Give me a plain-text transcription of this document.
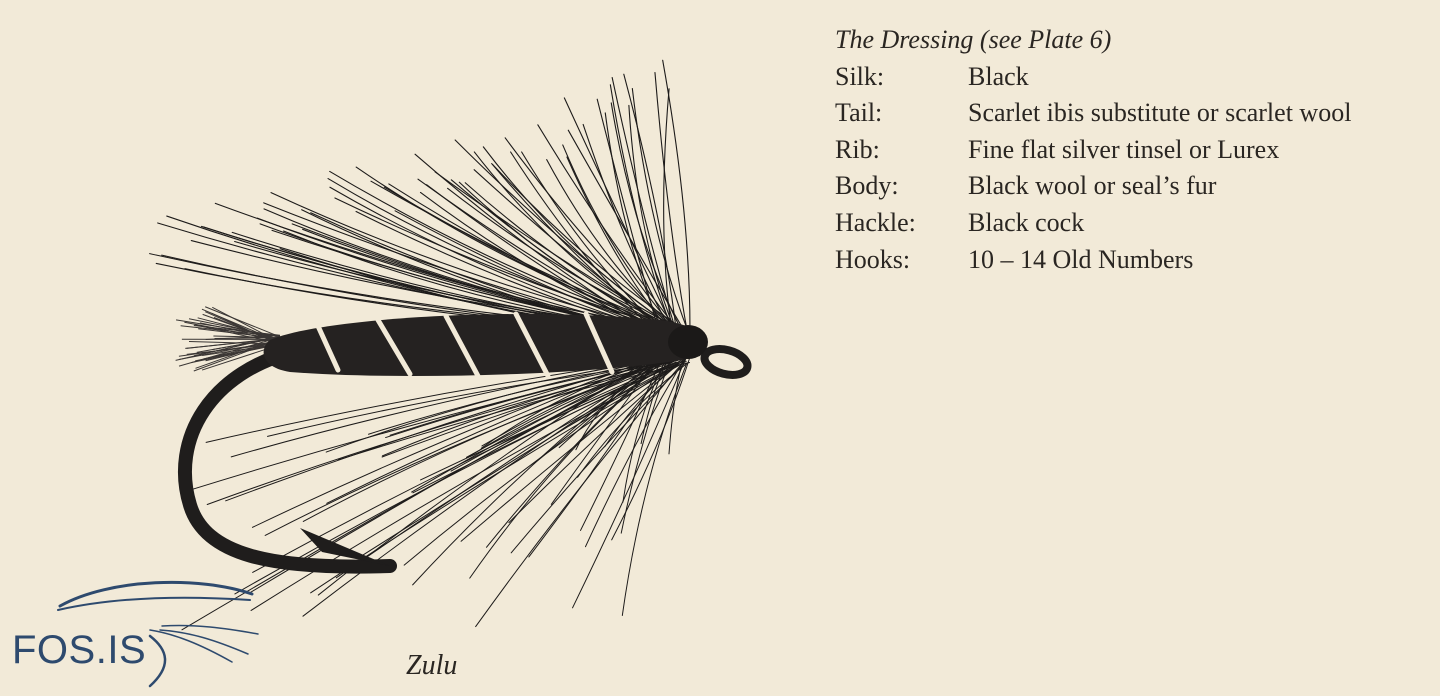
The Dressing (see Plate 6)
Silk:	Black
Tail:	Scarlet ibis substitute or scarlet wool
Rib:	Fine flat silver tinsel or Lurex
Body:	Black wool or seal’s fur
Hackle:	Black cock
Hooks:	10 – 14 Old Numbers
Zulu
FOS.IS
